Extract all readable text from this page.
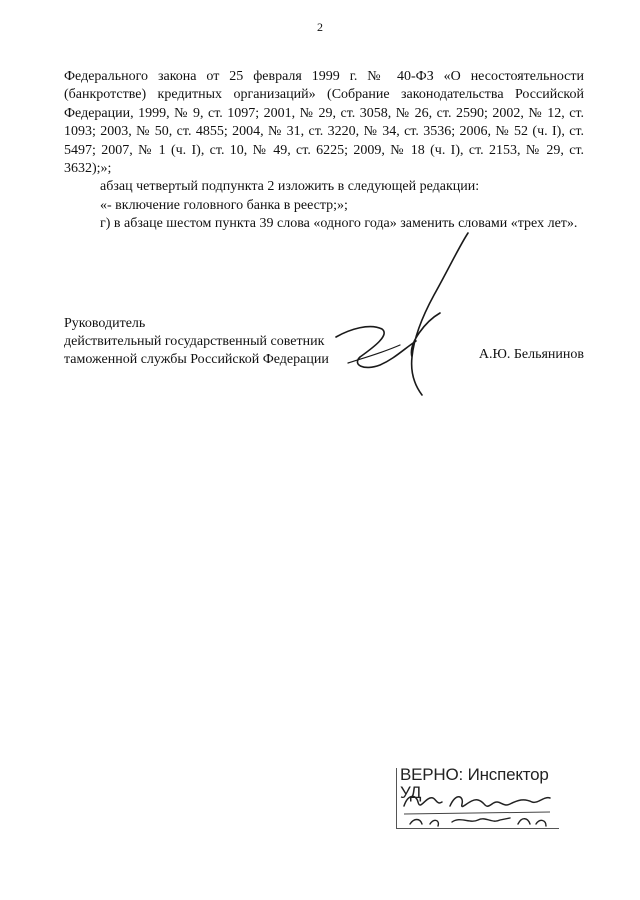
2

Федерального закона от 25 февраля 1999 г. № 40-ФЗ «О несостоятельности (банкротстве) кредитных организаций» (Собрание законодательства Российской Федерации, 1999, № 9, ст. 1097; 2001, № 29, ст. 3058, № 26, ст. 2590; 2002, № 12, ст. 1093; 2003, № 50, ст. 4855; 2004, № 31, ст. 3220, № 34, ст. 3536; 2006, № 52 (ч. I), ст. 5497; 2007, № 1 (ч. I), ст. 10, № 49, ст. 6225; 2009, № 18 (ч. I), ст. 2153, № 29, ст. 3632);»;

абзац четвертый подпункта 2 изложить в следующей редакции:

«- включение головного банка в реестр;»;

г) в абзаце шестом пункта 39 слова «одного года» заменить словами «трех лет».

Руководитель
действительный государственный советник
таможенной службы Российской Федерации	А.Ю. Бельянинов
ВЕРНО: Инспектор УД
